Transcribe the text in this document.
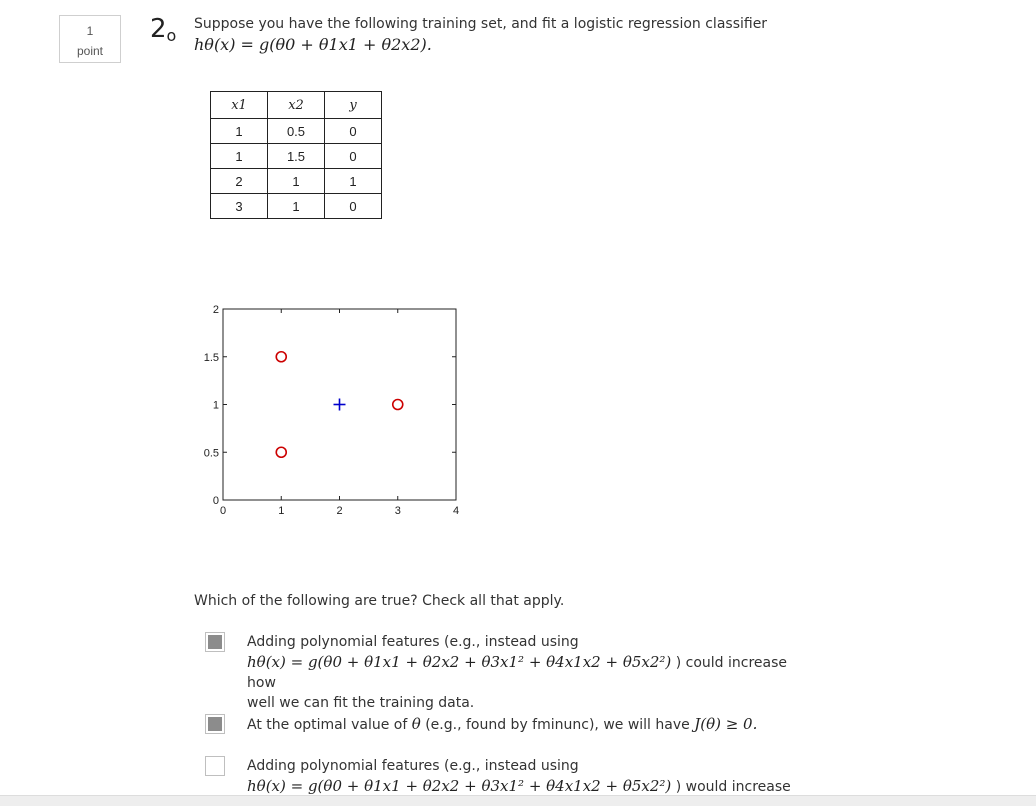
1
point
2o
Suppose you have the following training set, and fit a logistic regression classifier
hθ(x) = g(θ0 + θ1x1 + θ2x2).
x1	x2	y
1	0.5	0
1	1.5	0
2	1	1
3	1	0
0	1	2	3	4
0
0.5
1
1.5
2
Which of the following are true? Check all that apply.
Adding polynomial features (e.g., instead using
hθ(x) = g(θ0 + θ1x1 + θ2x2 + θ3x1² + θ4x1x2 + θ5x2²) ) could increase how
well we can fit the training data.
At the optimal value of θ (e.g., found by fminunc), we will have J(θ) ≥ 0.
Adding polynomial features (e.g., instead using
hθ(x) = g(θ0 + θ1x1 + θ2x2 + θ3x1² + θ4x1x2 + θ5x2²) ) would increase
